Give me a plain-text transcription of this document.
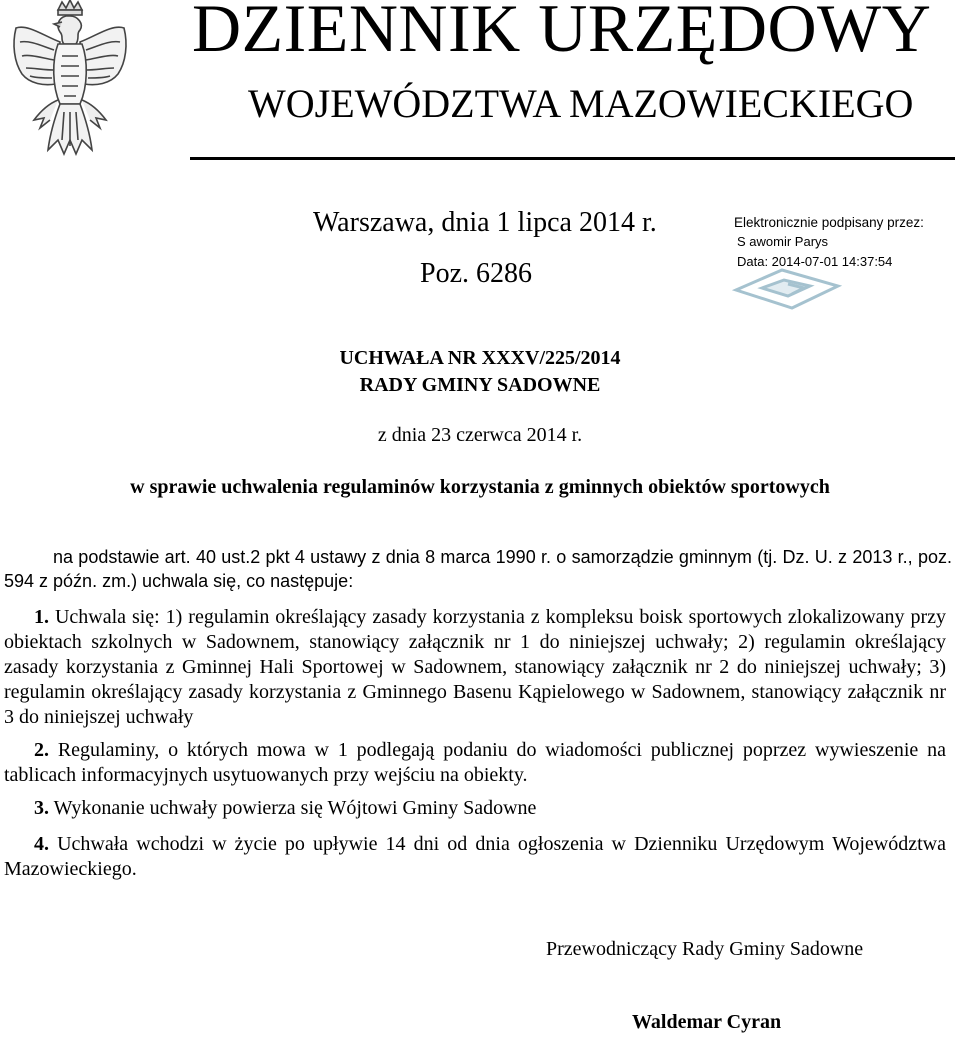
DZIENNIK URZĘDOWY
WOJEWÓDZTWA MAZOWIECKIEGO
Warszawa, dnia 1 lipca 2014 r.
Poz. 6286
Elektronicznie podpisany przez:
S awomir Parys
Data: 2014-07-01 14:37:54
UCHWAŁA NR XXXV/225/2014
RADY GMINY SADOWNE
z dnia 23 czerwca 2014 r.
w sprawie uchwalenia regulaminów korzystania z gminnych obiektów sportowych
na podstawie art. 40 ust.2 pkt 4 ustawy z dnia 8 marca 1990 r. o samorządzie gminnym (tj. Dz. U. z 2013 r., poz. 594 z późn. zm.) uchwala się, co następuje:
1. Uchwala się: 1) regulamin określający zasady korzystania z kompleksu boisk sportowych zlokalizowany przy obiektach szkolnych w Sadownem, stanowiący załącznik nr 1 do niniejszej uchwały; 2) regulamin określający zasady korzystania z Gminnej Hali Sportowej w Sadownem, stanowiący załącznik nr 2 do niniejszej uchwały; 3) regulamin określający zasady korzystania z Gminnego Basenu Kąpielowego w Sadownem, stanowiący załącznik nr 3 do niniejszej uchwały
2. Regulaminy, o których mowa w 1 podlegają podaniu do wiadomości publicznej poprzez wywieszenie na tablicach informacyjnych usytuowanych przy wejściu na obiekty.
3. Wykonanie uchwały powierza się Wójtowi Gminy Sadowne
4. Uchwała wchodzi w życie po upływie 14 dni od dnia ogłoszenia w Dzienniku Urzędowym Województwa Mazowieckiego.
Przewodniczący Rady Gminy Sadowne
Waldemar Cyran
